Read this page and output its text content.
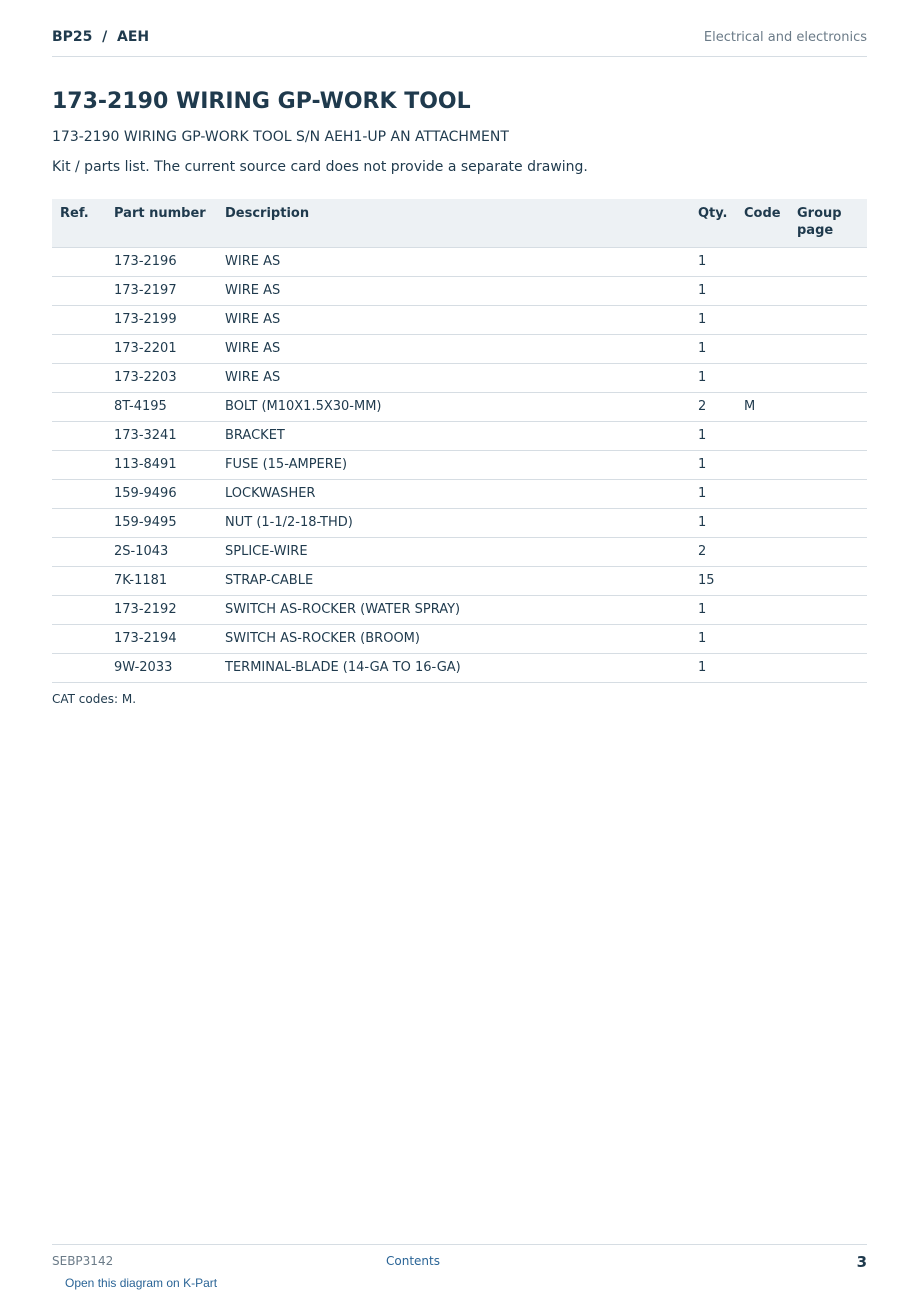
BP25  /  AEH	Electrical and electronics
173-2190 WIRING GP-WORK TOOL
173-2190 WIRING GP-WORK TOOL S/N AEH1-UP AN ATTACHMENT
Kit / parts list. The current source card does not provide a separate drawing.
Ref.	Part number	Description	Qty.	Code	Group page
	173-2196	WIRE AS	1		
	173-2197	WIRE AS	1		
	173-2199	WIRE AS	1		
	173-2201	WIRE AS	1		
	173-2203	WIRE AS	1		
	8T-4195	BOLT (M10X1.5X30-MM)	2	M	
	173-3241	BRACKET	1		
	113-8491	FUSE (15-AMPERE)	1		
	159-9496	LOCKWASHER	1		
	159-9495	NUT (1-1/2-18-THD)	1		
	2S-1043	SPLICE-WIRE	2		
	7K-1181	STRAP-CABLE	15		
	173-2192	SWITCH AS-ROCKER (WATER SPRAY)	1		
	173-2194	SWITCH AS-ROCKER (BROOM)	1		
	9W-2033	TERMINAL-BLADE (14-GA TO 16-GA)	1		
CAT codes: M.
SEBP3142	Contents	3
Open this diagram on K-Part
